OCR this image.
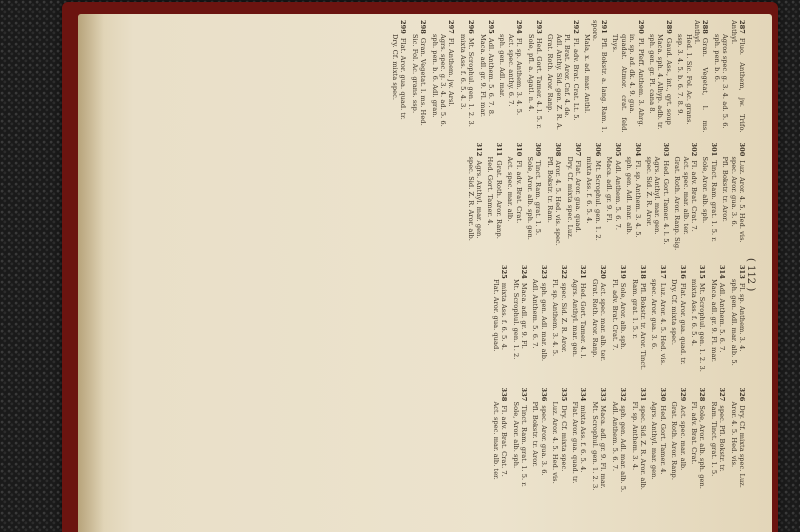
( 112 )
287Fluo. Anthem, jw. Trifo. Anthyl.
Agros spec. g. 3. 4. ad. 5. 6.
sph. pen. b. 6.
288Gran. Vegetat, l. ms. Anthyl.
Hed. 1. Sic. Fol. Ac. grans.
ssp. 3. 4. 5. b. 6. 7. 8. 9.
289Gaud. Ass., int., qyt. soup
Maca. sph. 4. Alhyp. adb. tr.
sph. gen. gr. Pl. cana 8.
290Pl. Pfeff. Anthem. 3. Ahrg.
in. sp. ad. dk. 4. 9. gua.
quadat. Atmor. crat. feld. Thys.
291Pfl. Bokstr. a. lang. Ram. 1. spore.
Mala, x. ad. mar. Anthl.
292Fl. adv. Brat. Crat. Lt. 5.
Pl. Brat. Aror. Cnf. 4. de.
Adl. Anthy. Sid. gen. Z. R. A.
Grat. Roth. Aror. Ranp.
293Hed. Gort. Tamer. 4. l. 5. r.
Sole, pfl. a. Agatl. n. 4.
294Fl. sp. Anthem. 3. 4. 5.
Act. spec. anthy. 6. 7.
sph. gen. Adl. mar.
295Adl. Anthem. 5. 6. 7. 8.
Maca. adl. gr. 9. Fl. mar.
296Mt. Scrophul. gen. 1. 2. 3.
mixta Ass. f. 6. 5. 4. 3.
297Fl. Anthem. jw. Arsl.
Agrs. spec. g. 3. 4. ad. 5. 6.
sph. pen. b. 6. Adl. gran.
298Gran. Vegetat. l. ms. Hed.
Sic. Fol. Ac. grans. ssp.
299Flat. Aror. gua. quad. tr.
Dry. Cf. mixta spec.
300Luz. Aror. 4. 5. Hed. vis.
spec. Aror. gua. 3. 6.
Pfl. Bokstr. tr. Aror.
301Tinct. Ram. grat. 1. 5. r.
Sole, Aror. alb. sph.
302Fl. adv. Brat. Crat. 7.
Act. spec. mar. alb. ter.
Grat. Roth. Aror. Ranp. Sig.
303Hed. Gort. Tamer. 4. l. 5.
Agrs. Anthyl. mar. gen.
spec. Sid. Z. R. Aror.
304Fl. sp. Anthem. 3. 4. 5.
sph. gen. Adl. mar. alb.
305Adl. Anthem. 5. 6. 7.
Maca. adl. gr. 9. Fl.
306Mt. Scrophul. gen. 1. 2.
mixta Ass. f. 6. 5. 4.
307Flat. Aror. gua. quad.
Dry. Cf. mixta spec. Luz.
308Aror. 4. 5. Hed. vis. spec.
Pfl. Bokstr. tr. Ram.
309Tinct. Ram. grat. 1. 5.
Sole, Aror. alb. sph. gen.
310Fl. adv. Brat. Crat.
Act. spec. mar. alb.
311Grat. Roth. Aror. Ranp.
Hed. Gort. Tamer. 4.
312Agrs. Anthyl. mar. gen.
spec. Sid. Z. R. Aror. alb.
313Fl. sp. Anthem. 3. 4.
sph. gen. Adl. mar. alb. 5.
314Adl. Anthem. 5. 6. 7.
Maca. adl. gr. 9. Fl. mar.
315Mt. Scrophul. gen. 1. 2. 3.
mixta Ass. f. 6. 5. 4.
316Flat. Aror. gua. quad. tr.
Dry. Cf. mixta spec.
317Luz. Aror. 4. 5. Hed. vis.
spec. Aror. gua. 3. 6.
318Pfl. Bokstr. tr. Aror. Tinct.
Ram. grat. 1. 5. r.
319Sole, Aror. alb. sph.
Fl. adv. Brat. Crat. 7.
320Act. spec. mar. alb. ter.
Grat. Roth. Aror. Ranp.
321Hed. Gort. Tamer. 4. l.
Agrs. Anthyl. mar. gen.
322spec. Sid. Z. R. Aror.
Fl. sp. Anthem. 3. 4. 5.
323sph. gen. Adl. mar. alb.
Adl. Anthem. 5. 6. 7.
324Maca. adl. gr. 9. Fl.
Mt. Scrophul. gen. 1. 2.
325mixta Ass. f. 6. 5. 4.
Flat. Aror. gua. quad.
326Dry. Cf. mixta spec. Luz.
Aror. 4. 5. Hed. vis.
327spec. Pfl. Bokstr. tr.
Ram. Tinct. grat. 1. 5.
328Sole, Aror. alb. sph. gen.
Fl. adv. Brat. Crat.
329Act. spec. mar. alb.
Grat. Roth. Aror. Ranp.
330Hed. Gort. Tamer. 4.
Agrs. Anthyl. mar. gen.
331spec. Sid. Z. R. Aror. alb.
Fl. sp. Anthem. 3. 4.
332sph. gen. Adl. mar. alb. 5.
Adl. Anthem. 5. 6. 7.
333Maca. adl. gr. 9. Fl. mar.
Mt. Scrophul. gen. 1. 2. 3.
334mixta Ass. f. 6. 5. 4.
Flat. Aror. gua. quad. tr.
335Dry. Cf. mixta spec.
Luz. Aror. 4. 5. Hed. vis.
336spec. Aror. gua. 3. 6.
Pfl. Bokstr. tr. Aror.
337Tinct. Ram. grat. 1. 5. r.
Sole, Aror. alb. sph.
338Fl. adv. Brat. Crat. 7.
Act. spec. mar. alb. ter.
